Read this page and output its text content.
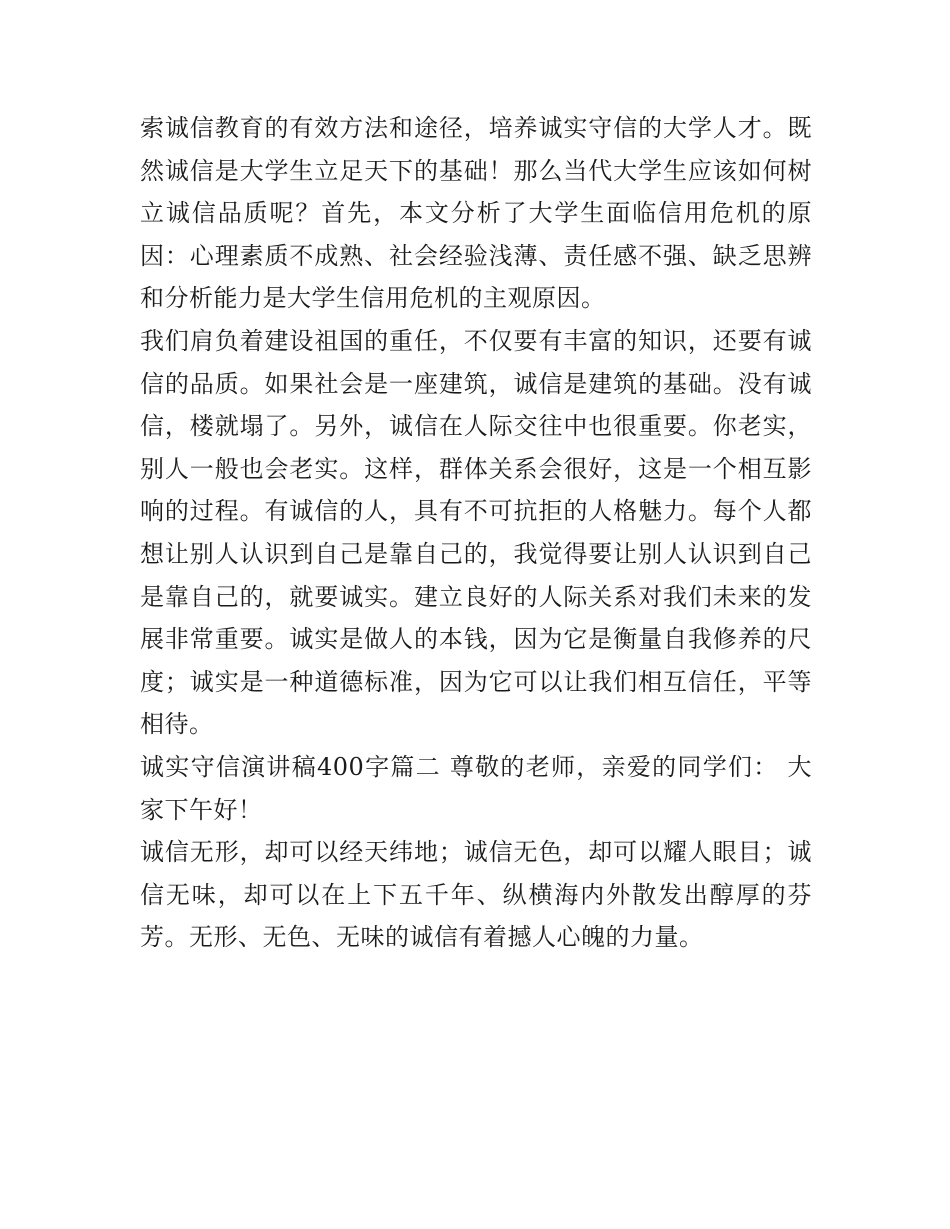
索诚信教育的有效方法和途径，培养诚实守信的大学人才。既然诚信是大学生立足天下的基础！那么当代大学生应该如何树立诚信品质呢？首先，本文分析了大学生面临信用危机的原因：心理素质不成熟、社会经验浅薄、责任感不强、缺乏思辨和分析能力是大学生信用危机的主观原因。

我们肩负着建设祖国的重任，不仅要有丰富的知识，还要有诚信的品质。如果社会是一座建筑，诚信是建筑的基础。没有诚信，楼就塌了。另外，诚信在人际交往中也很重要。你老实，别人一般也会老实。这样，群体关系会很好，这是一个相互影响的过程。有诚信的人，具有不可抗拒的人格魅力。每个人都想让别人认识到自己是靠自己的，我觉得要让别人认识到自己是靠自己的，就要诚实。建立良好的人际关系对我们未来的发展非常重要。诚实是做人的本钱，因为它是衡量自我修养的尺度；诚实是一种道德标准，因为它可以让我们相互信任，平等相待。

诚实守信演讲稿400字篇二 尊敬的老师，亲爱的同学们： 大家下午好！

诚信无形，却可以经天纬地；诚信无色，却可以耀人眼目；诚信无味，却可以在上下五千年、纵横海内外散发出醇厚的芬芳。无形、无色、无味的诚信有着撼人心魄的力量。
